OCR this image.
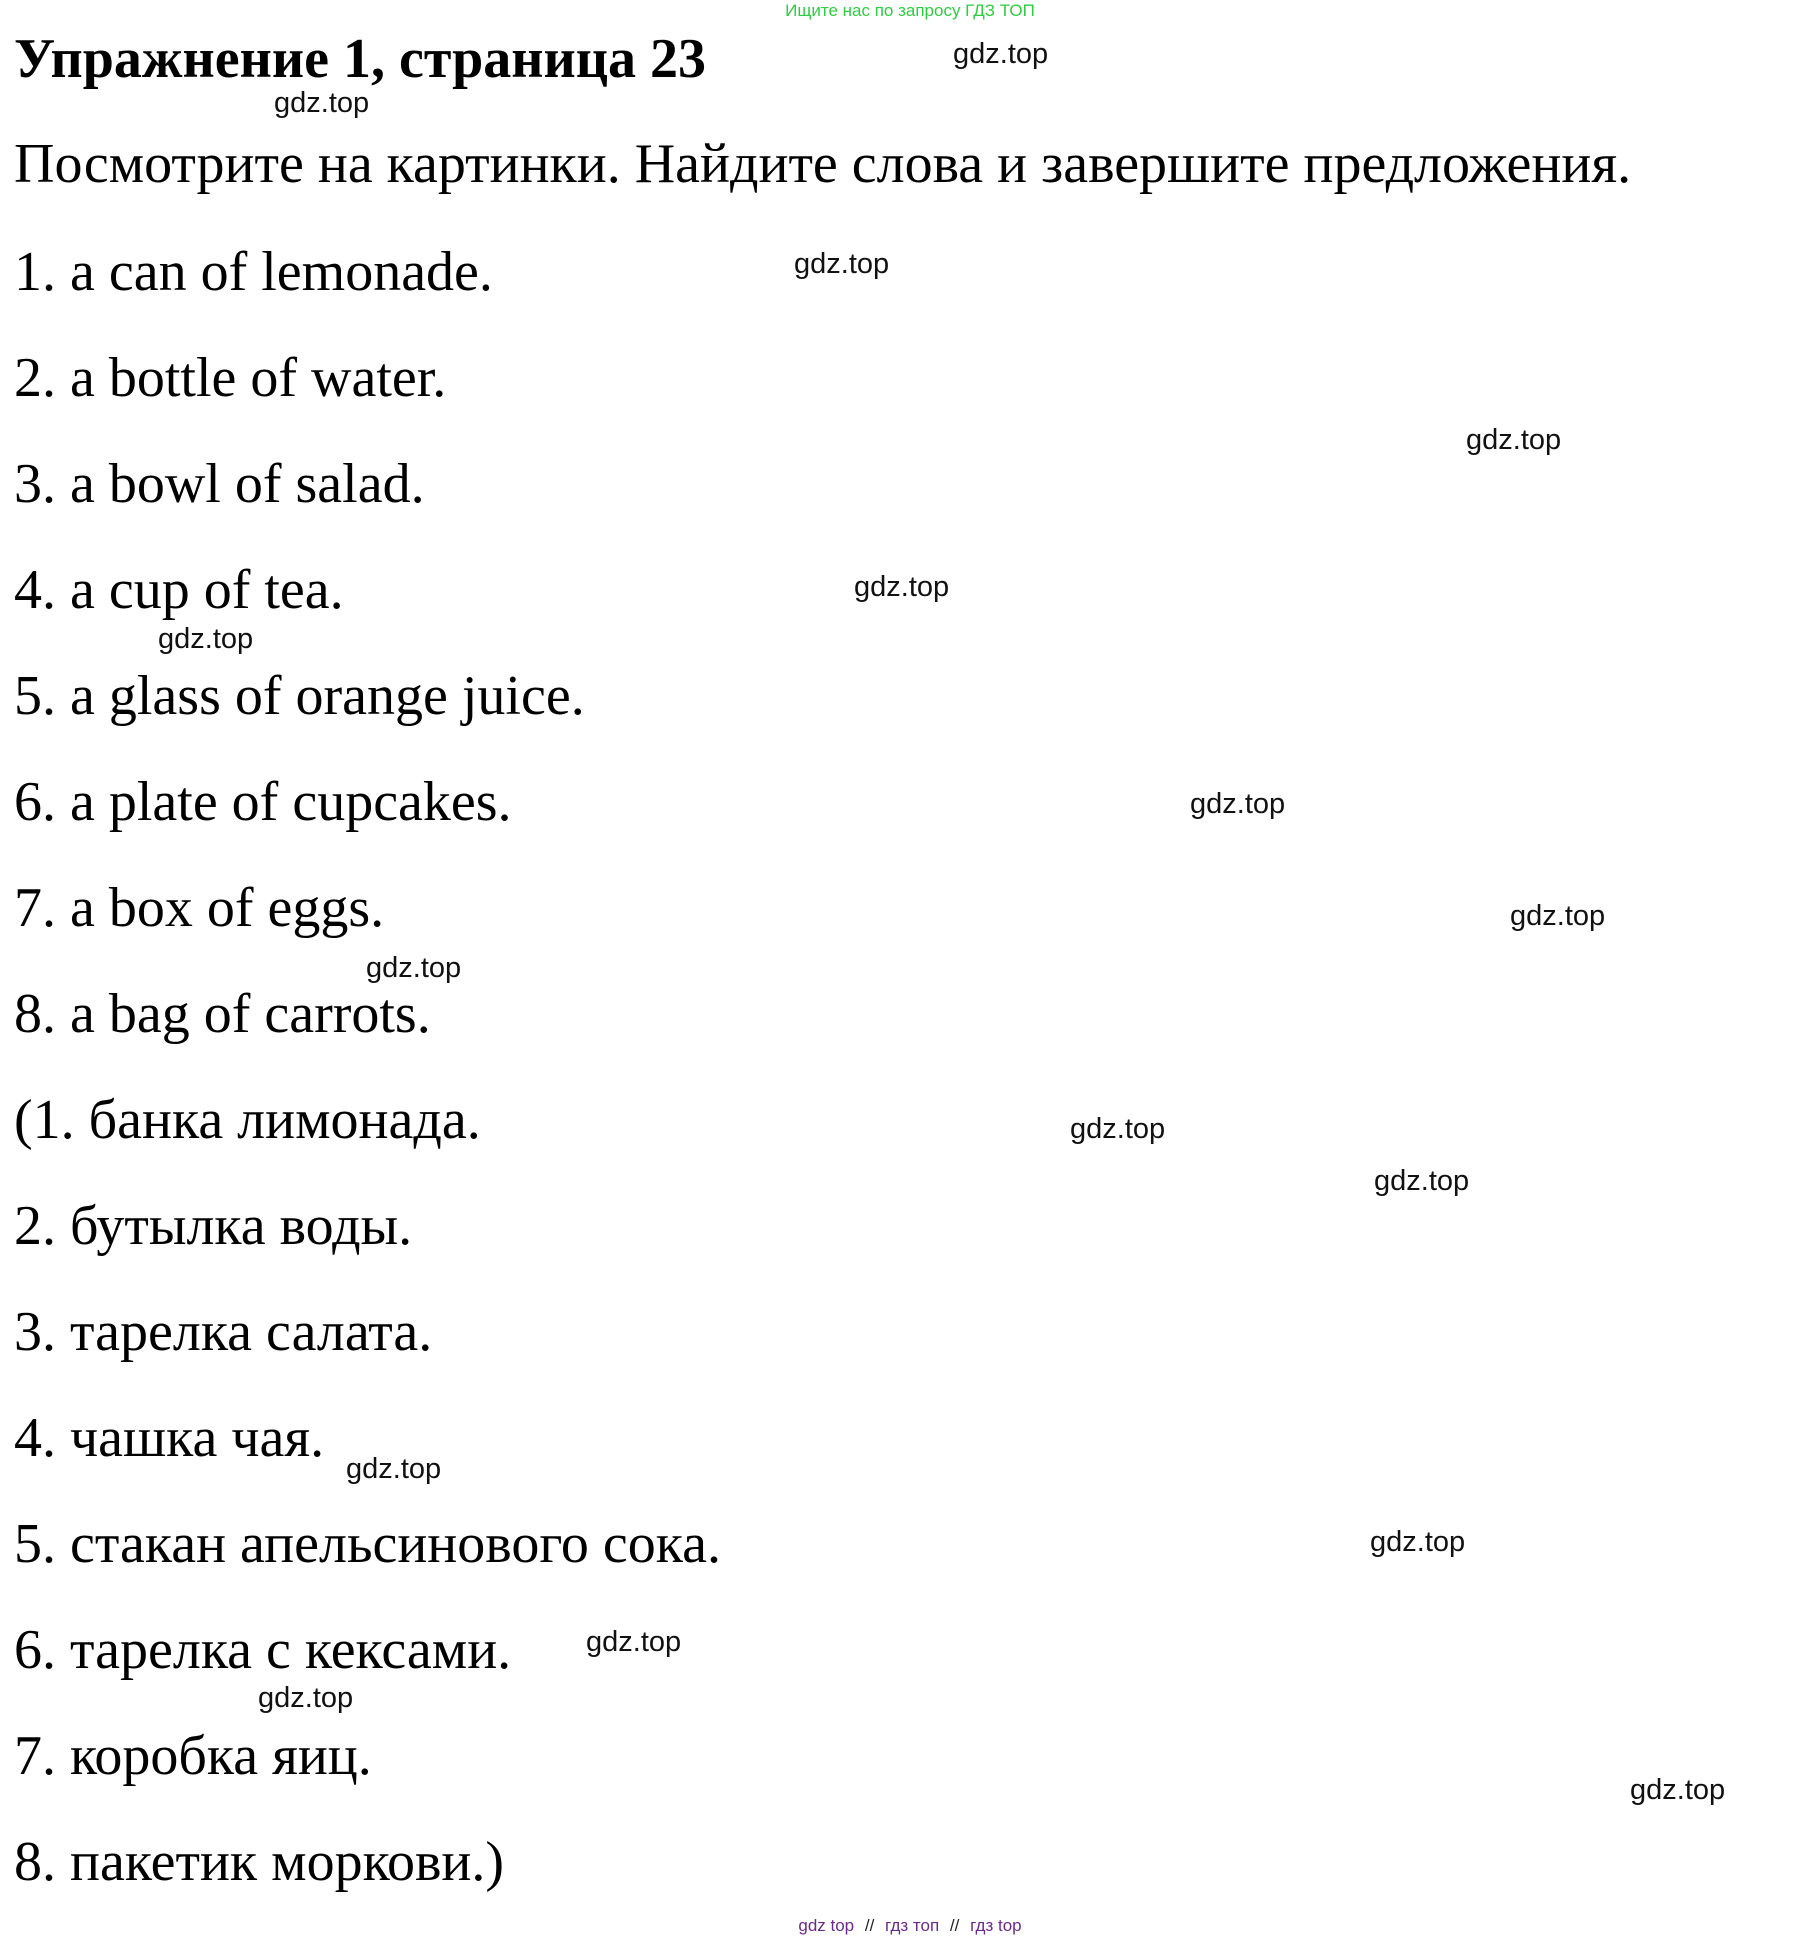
Ищите нас по запросу ГДЗ ТОП
Упражнение 1, страница 23
Посмотрите на картинки. Найдите слова и завершите предложения.
1. a can of lemonade.
2. a bottle of water.
3. a bowl of salad.
4. a cup of tea.
5. a glass of orange juice.
6. a plate of cupcakes.
7. a box of eggs.
8. a bag of carrots.
(1. банка лимонада.
2. бутылка воды.
3. тарелка салата.
4. чашка чая.
5. стакан апельсинового сока.
6. тарелка с кексами.
7. коробка яиц.
8. пакетик моркови.)
gdz.top
gdz.top
gdz.top
gdz.top
gdz.top
gdz.top
gdz.top
gdz.top
gdz.top
gdz.top
gdz.top
gdz.top
gdz.top
gdz.top
gdz.top
gdz.top
gdz top // гдз топ // гдз top
